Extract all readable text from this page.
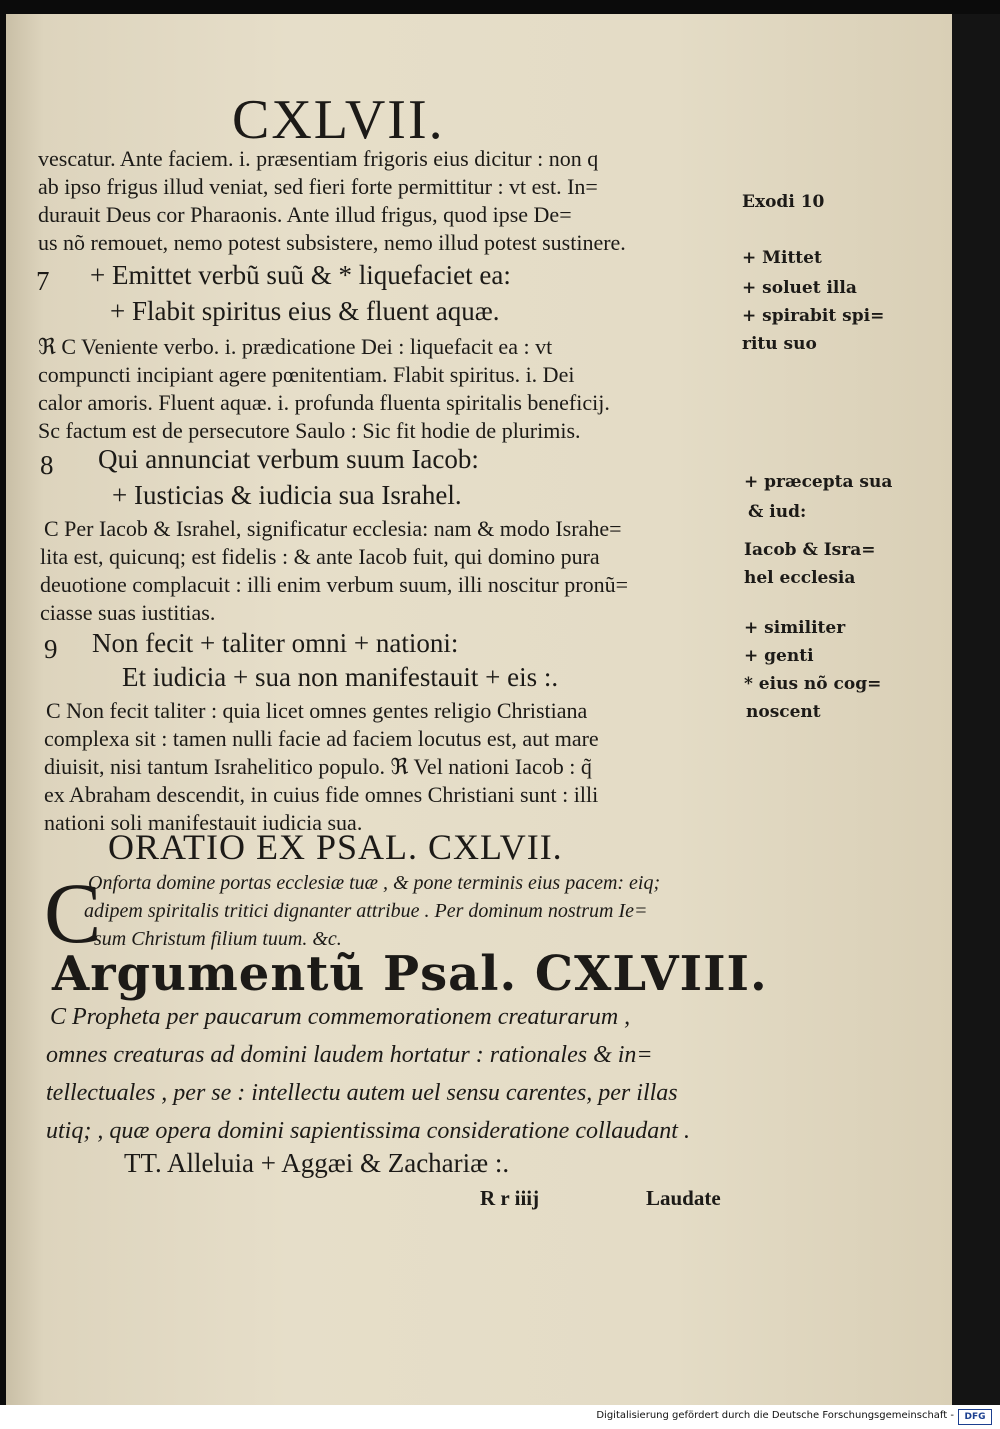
CXLVII.
vescatur. Ante faciem. i. præsentiam frigoris eius dicitur : non q
ab ipso frigus illud veniat, sed fieri forte permittitur : vt est. In=
durauit Deus cor Pharaonis. Ante illud frigus, quod ipse De=
us nõ remouet, nemo potest subsistere, nemo illud potest sustinere.
7 + Emittet verbũ suũ & * liquefaciet ea:
+ Flabit spiritus eius & fluent aquæ.
ℜ C Veniente verbo. i. prædicatione Dei : liquefacit ea : vt
compuncti incipiant agere pœnitentiam. Flabit spiritus. i. Dei
calor amoris. Fluent aquæ. i. profunda fluenta spiritalis beneficij.
Sc factum est de persecutore Saulo : Sic fit hodie de plurimis.
8 Qui annunciat verbum suum Iacob:
+ Iusticias & iudicia sua Israhel.
C Per Iacob & Israhel, significatur ecclesia: nam & modo Israhe=
lita est, quicunq; est fidelis : & ante Iacob fuit, qui domino pura
deuotione complacuit : illi enim verbum suum, illi noscitur pronũ=
ciasse suas iustitias.
9 Non fecit + taliter omni + nationi:
Et iudicia + sua non manifestauit + eis :.
C Non fecit taliter : quia licet omnes gentes religio Christiana
complexa sit : tamen nulli facie ad faciem locutus est, aut mare
diuisit, nisi tantum Israhelitico populo. ℜ Vel nationi Iacob : q̃
ex Abraham descendit, in cuius fide omnes Christiani sunt : illi
nationi soli manifestauit iudicia sua.
ORATIO EX PSAL. CXLVII.
C
Onforta domine portas ecclesiæ tuæ , & pone terminis eius pacem: eiq;
adipem spiritalis tritici dignanter attribue . Per dominum nostrum Ie=
sum Christum filium tuum. &c.
Argumentũ Psal. CXLVIII.
C Propheta per paucarum commemorationem creaturarum ,
omnes creaturas ad domini laudem hortatur : rationales & in=
tellectuales , per se : intellectu autem uel sensu carentes, per illas
utiq; , quæ opera domini sapientissima consideratione collaudant .
TT. Alleluia + Aggæi & Zachariæ :.
R r iiij	Laudate
Exodi 10
+ Mittet
+ soluet illa
+ spirabit spi=
ritu suo
+ præcepta sua
& iud:
Iacob & Isra=
hel ecclesia
+ similiter
+ genti
* eius nõ cog=
noscent
Digitalisierung gefördert durch die Deutsche Forschungsgemeinschaft -	DFG
